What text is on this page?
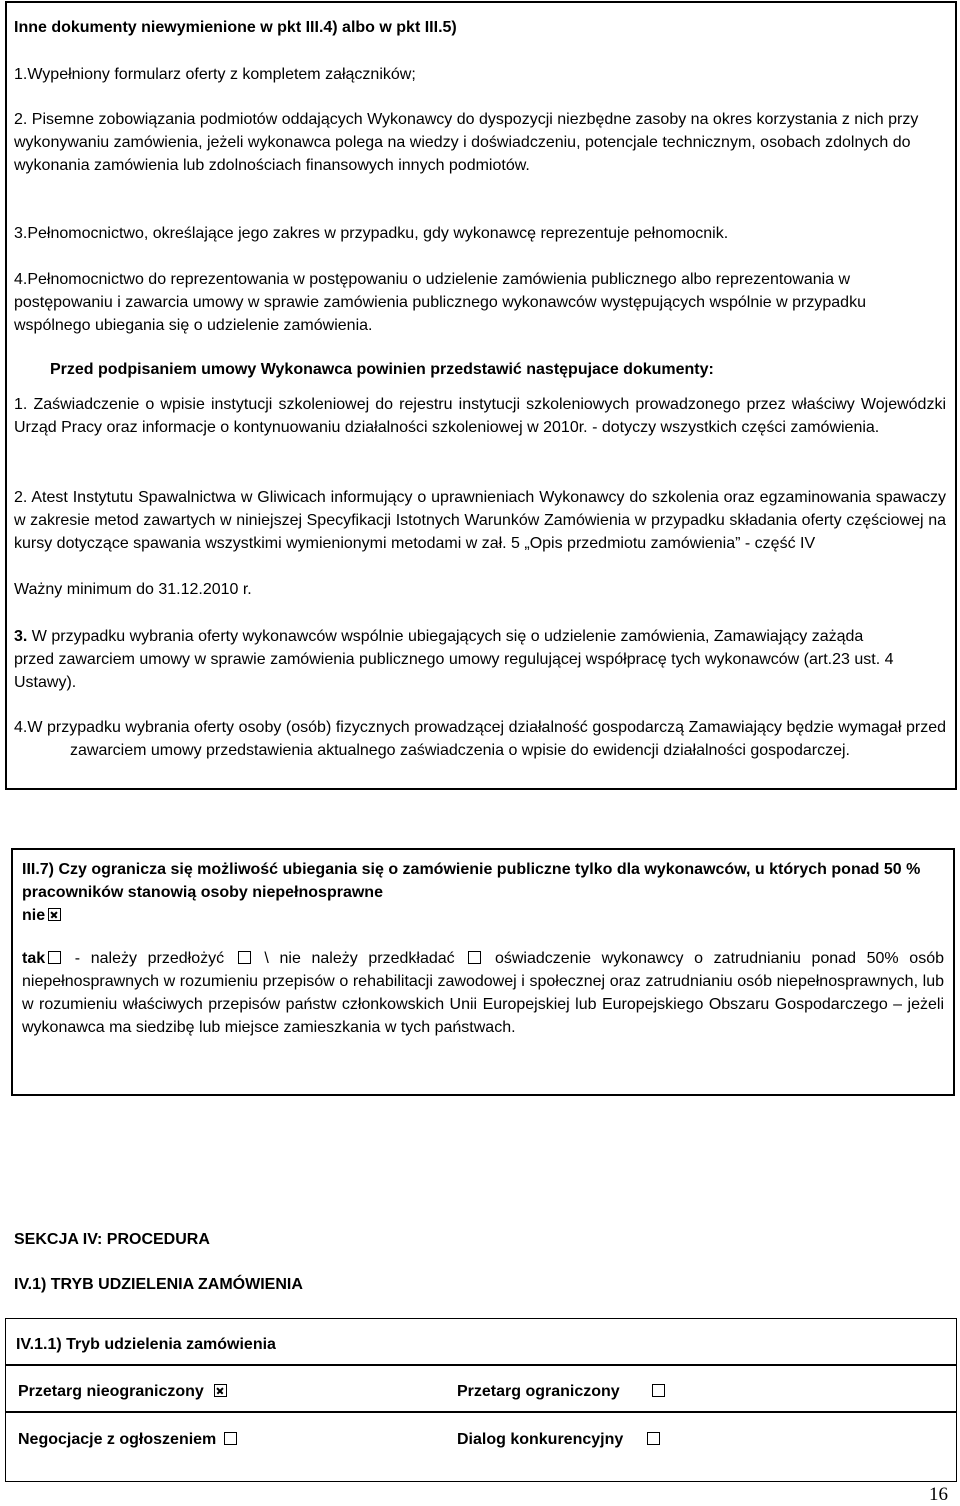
Inne dokumenty niewymienione w pkt III.4) albo w pkt III.5)

1.Wypełniony formularz oferty z kompletem załączników;

2. Pisemne zobowiązania podmiotów oddających Wykonawcy do dyspozycji niezbędne zasoby na okres korzystania z nich przy wykonywaniu zamówienia, jeżeli wykonawca polega na wiedzy i doświadczeniu, potencjale technicznym, osobach zdolnych do wykonania zamówienia lub zdolnościach finansowych innych podmiotów.

3.Pełnomocnictwo, określające jego zakres w przypadku, gdy wykonawcę reprezentuje pełnomocnik.

4.Pełnomocnictwo do reprezentowania w postępowaniu o udzielenie zamówienia publicznego albo reprezentowania w postępowaniu i zawarcia umowy w sprawie zamówienia publicznego wykonawców występujących wspólnie w przypadku wspólnego ubiegania się o udzielenie zamówienia.

Przed podpisaniem umowy Wykonawca powinien przedstawić następujace dokumenty:

1. Zaświadczenie o wpisie instytucji szkoleniowej do rejestru instytucji szkoleniowych prowadzonego przez właściwy Wojewódzki Urząd Pracy oraz informacje o kontynuowaniu działalności szkoleniowej w 2010r. - dotyczy wszystkich części zamówienia.

2. Atest Instytutu Spawalnictwa w Gliwicach informujący o uprawnieniach Wykonawcy do szkolenia oraz egzaminowania spawaczy w zakresie metod zawartych w niniejszej Specyfikacji Istotnych Warunków Zamówienia w przypadku składania oferty częściowej na kursy dotyczące spawania wszystkimi wymienionymi metodami w zał. 5 „Opis przedmiotu zamówienia” - część IV

Ważny minimum do 31.12.2010 r.

3. W przypadku wybrania oferty wykonawców wspólnie ubiegających się o udzielenie zamówienia, Zamawiający zażąda przed zawarciem umowy w sprawie zamówienia publicznego umowy regulującej współpracę tych wykonawców (art.23 ust. 4 Ustawy).

4.W przypadku wybrania oferty osoby (osób) fizycznych prowadzącej działalność gospodarczą Zamawiający będzie wymagał przed zawarciem umowy przedstawienia aktualnego zaświadczenia o wpisie do ewidencji działalności gospodarczej.

III.7) Czy ogranicza się możliwość ubiegania się o zamówienie publiczne tylko dla wykonawców, u których ponad 50 % pracowników stanowią osoby niepełnosprawne

nie

tak - należy przedłożyć  \ nie należy przedkładać  oświadczenie wykonawcy o zatrudnianiu ponad 50% osób niepełnosprawnych w rozumieniu przepisów o rehabilitacji zawodowej i społecznej oraz zatrudnianiu osób niepełnosprawnych, lub w rozumieniu właściwych przepisów państw członkowskich Unii Europejskiej lub Europejskiego Obszaru Gospodarczego – jeżeli wykonawca ma siedzibę lub miejsce zamieszkania w tych państwach.

SEKCJA IV: PROCEDURA

IV.1) TRYB UDZIELENIA ZAMÓWIENIA

IV.1.1) Tryb udzielenia zamówienia

Przetarg nieograniczony	Przetarg ograniczony

Negocjacje z ogłoszeniem	Dialog konkurencyjny

16
